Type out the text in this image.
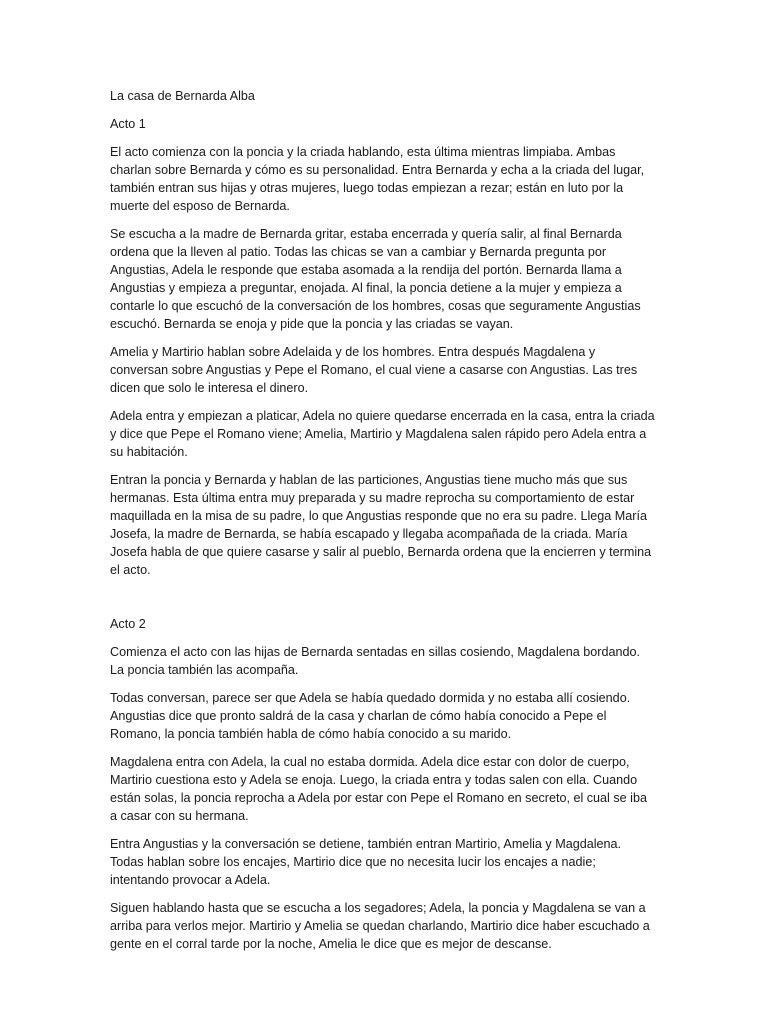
La casa de Bernarda Alba

Acto 1

El acto comienza con la poncia y la criada hablando, esta última mientras limpiaba. Ambas charlan sobre Bernarda y cómo es su personalidad. Entra Bernarda y echa a la criada del lugar, también entran sus hijas y otras mujeres, luego todas empiezan a rezar; están en luto por la muerte del esposo de Bernarda.

Se escucha a la madre de Bernarda gritar, estaba encerrada y quería salir, al final Bernarda ordena que la lleven al patio. Todas las chicas se van a cambiar y Bernarda pregunta por Angustias, Adela le responde que estaba asomada a la rendija del portón. Bernarda llama a Angustias y empieza a preguntar, enojada. Al final, la poncia detiene a la mujer y empieza a contarle lo que escuchó de la conversación de los hombres, cosas que seguramente Angustias escuchó. Bernarda se enoja y pide que la poncia y las criadas se vayan.

Amelia y Martirio hablan sobre Adelaida y de los hombres. Entra después Magdalena y conversan sobre Angustias y Pepe el Romano, el cual viene a casarse con Angustias. Las tres dicen que solo le interesa el dinero.

Adela entra y empiezan a platicar, Adela no quiere quedarse encerrada en la casa, entra la criada y dice que Pepe el Romano viene; Amelia, Martirio y Magdalena salen rápido pero Adela entra a su habitación.

Entran la poncia y Bernarda y hablan de las particiones, Angustias tiene mucho más que sus hermanas. Esta última entra muy preparada y su madre reprocha su comportamiento de estar maquillada en la misa de su padre, lo que Angustias responde que no era su padre. Llega María Josefa, la madre de Bernarda, se había escapado y llegaba acompañada de la criada. María Josefa habla de que quiere casarse y salir al pueblo, Bernarda ordena que la encierren y termina el acto.

Acto 2

Comienza el acto con las hijas de Bernarda sentadas en sillas cosiendo, Magdalena bordando. La poncia también las acompaña.

Todas conversan, parece ser que Adela se había quedado dormida y no estaba allí cosiendo. Angustias dice que pronto saldrá de la casa y charlan de cómo había conocido a Pepe el Romano, la poncia también habla de cómo había conocido a su marido.

Magdalena entra con Adela, la cual no estaba dormida. Adela dice estar con dolor de cuerpo, Martirio cuestiona esto y Adela se enoja. Luego, la criada entra y todas salen con ella. Cuando están solas, la poncia reprocha a Adela por estar con Pepe el Romano en secreto, el cual se iba a casar con su hermana.

Entra Angustias y la conversación se detiene, también entran Martirio, Amelia y Magdalena. Todas hablan sobre los encajes, Martirio dice que no necesita lucir los encajes a nadie; intentando provocar a Adela.

Siguen hablando hasta que se escucha a los segadores; Adela, la poncia y Magdalena se van a arriba para verlos mejor. Martirio y Amelia se quedan charlando, Martirio dice haber escuchado a gente en el corral tarde por la noche, Amelia le dice que es mejor de descanse.
